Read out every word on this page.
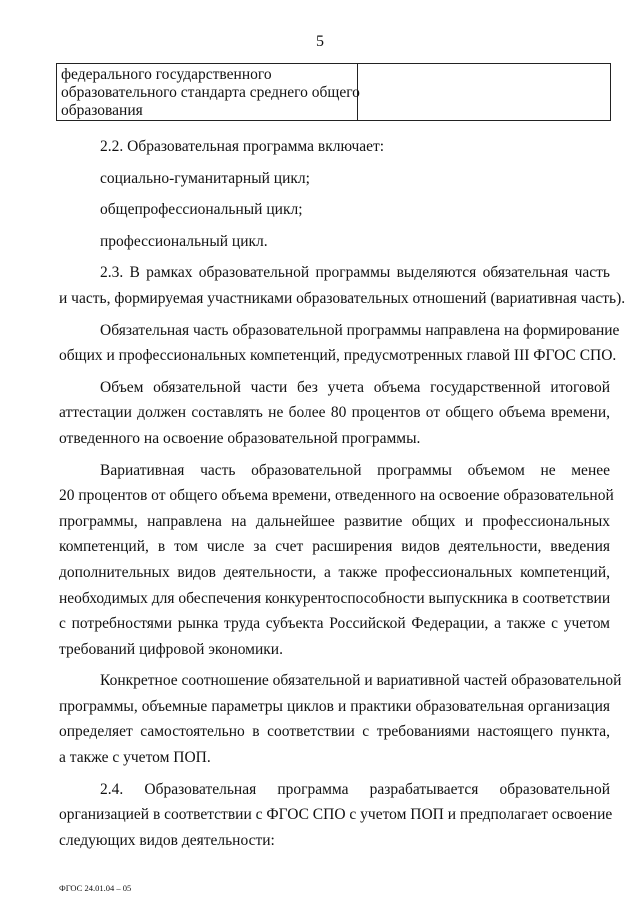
5
федерального государственного
образовательного стандарта среднего общего
образования

2.2. Образовательная программа включает:
социально-гуманитарный цикл;
общепрофессиональный цикл;
профессиональный цикл.
2.3. В рамках образовательной программы выделяются обязательная часть
и часть, формируемая участниками образовательных отношений (вариативная часть).
Обязательная часть образовательной программы направлена на формирование
общих и профессиональных компетенций, предусмотренных главой III ФГОС СПО.
Объем обязательной части без учета объема государственной итоговой
аттестации должен составлять не более 80 процентов от общего объема времени,
отведенного на освоение образовательной программы.
Вариативная часть образовательной программы объемом не менее
20 процентов от общего объема времени, отведенного на освоение образовательной
программы, направлена на дальнейшее развитие общих и профессиональных
компетенций, в том числе за счет расширения видов деятельности, введения
дополнительных видов деятельности, а также профессиональных компетенций,
необходимых для обеспечения конкурентоспособности выпускника в соответствии
с потребностями рынка труда субъекта Российской Федерации, а также с учетом
требований цифровой экономики.
Конкретное соотношение обязательной и вариативной частей образовательной
программы, объемные параметры циклов и практики образовательная организация
определяет самостоятельно в соответствии с требованиями настоящего пункта,
а также с учетом ПОП.
2.4. Образовательная программа разрабатывается образовательной
организацией в соответствии с ФГОС СПО с учетом ПОП и предполагает освоение
следующих видов деятельности:
ФГОС 24.01.04 – 05
